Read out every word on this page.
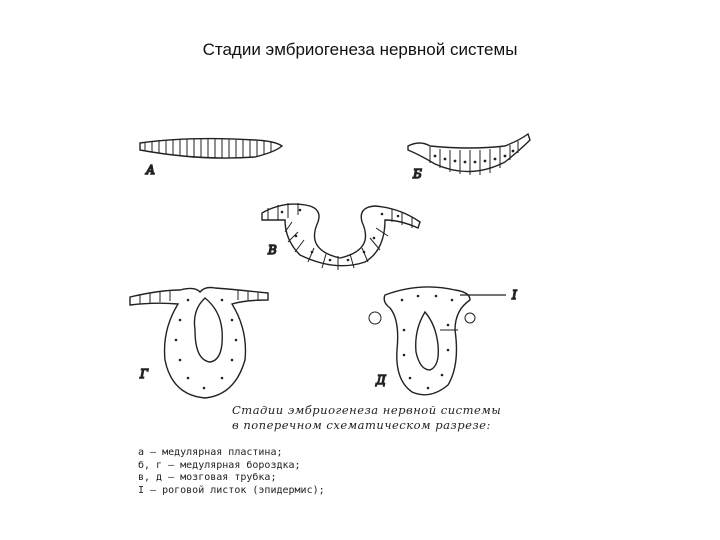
Стадии эмбриогенеза нервной системы
А	Б
В
Г	Д
I
Стадии эмбриогенеза нервной системы
в поперечном схематическом разрезе:
а — медулярная пластина;
б, г — медулярная бороздка;
в, д — мозговая трубка;
I — роговой листок (эпидермис);
